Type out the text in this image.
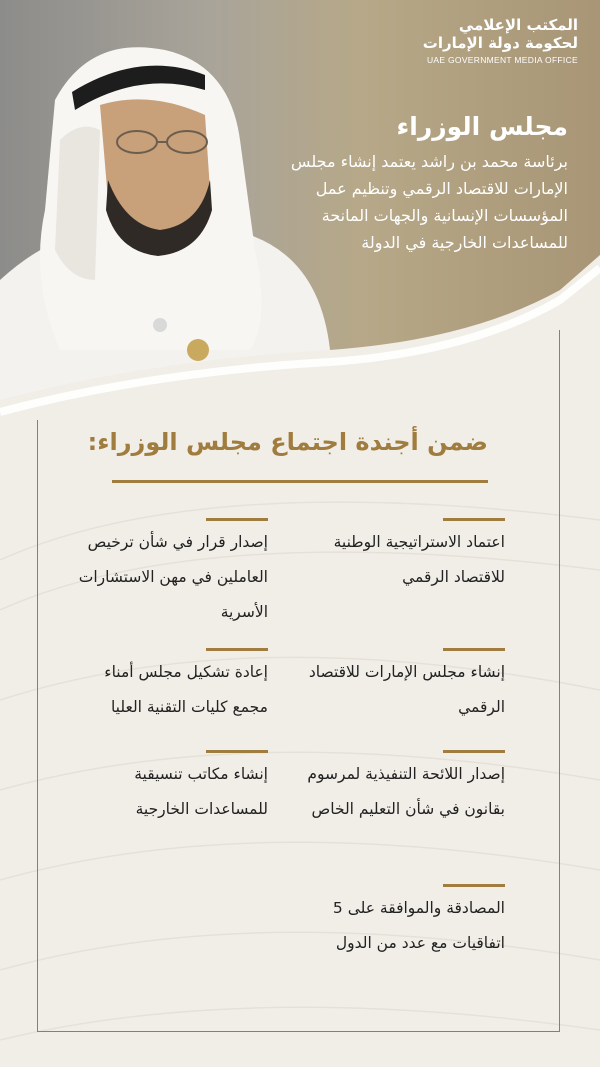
المكتب الإعلامي
لحكومة دولة الإمارات
UAE GOVERNMENT MEDIA OFFICE
مجلس الوزراء
برئاسة محمد بن راشد يعتمد إنشاء مجلس الإمارات للاقتصاد الرقمي وتنظيم عمل المؤسسات الإنسانية والجهات المانحة للمساعدات الخارجية في الدولة
ضمن أجندة اجتماع مجلس الوزراء:
اعتماد الاستراتيجية الوطنية للاقتصاد الرقمي
إصدار قرار في شأن ترخيص العاملين في مهن الاستشارات الأسرية
إنشاء مجلس الإمارات للاقتصاد الرقمي
إعادة تشكيل مجلس أمناء مجمع كليات التقنية العليا
إصدار اللائحة التنفيذية لمرسوم بقانون في شأن التعليم الخاص
إنشاء مكاتب تنسيقية للمساعدات الخارجية
المصادقة والموافقة على 5 اتفاقيات مع عدد من الدول
